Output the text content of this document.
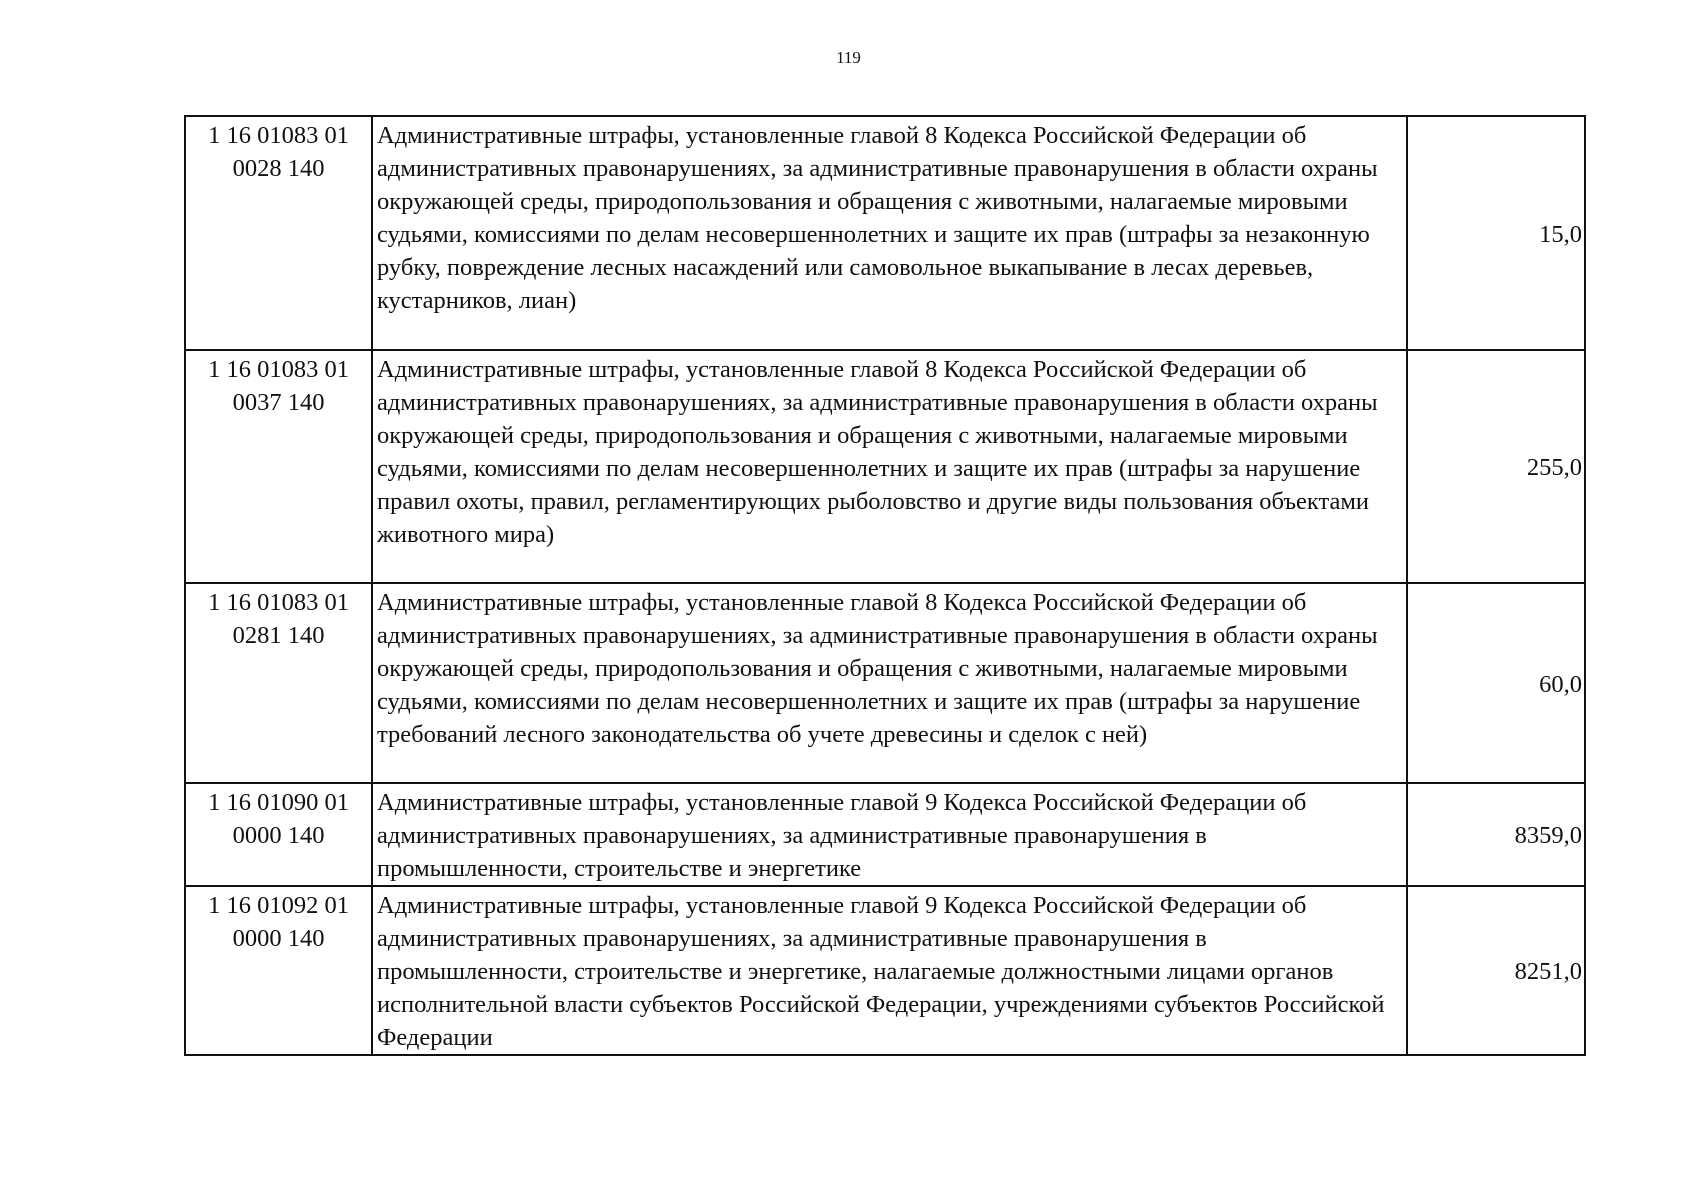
119
1 16 01083 01
0028 140	Административные штрафы, установленные главой 8 Кодекса Российской Федерации об административных правонарушениях, за административные правонарушения в области охраны окружающей среды, природопользования и обращения с животными, налагаемые мировыми судьями, комиссиями по делам несовершеннолетних и защите их прав (штрафы за незаконную рубку, повреждение лесных насаждений или самовольное выкапывание в лесах деревьев, кустарников, лиан)	15,0
1 16 01083 01
0037 140	Административные штрафы, установленные главой 8 Кодекса Российской Федерации об административных правонарушениях, за административные правонарушения в области охраны окружающей среды, природопользования и обращения с животными, налагаемые мировыми судьями, комиссиями по делам несовершеннолетних и защите их прав (штрафы за нарушение правил охоты, правил, регламентирующих рыболовство и другие виды пользования объектами животного мира)	255,0
1 16 01083 01
0281 140	Административные штрафы, установленные главой 8 Кодекса Российской Федерации об административных правонарушениях, за административные правонарушения в области охраны окружающей среды, природопользования и обращения с животными, налагаемые мировыми судьями, комиссиями по делам несовершеннолетних и защите их прав (штрафы за нарушение требований лесного законодательства об учете древесины и сделок с ней)	60,0
1 16 01090 01
0000 140	Административные штрафы, установленные главой 9 Кодекса Российской Федерации об административных правонарушениях, за административные правонарушения в промышленности, строительстве и энергетике	8359,0
1 16 01092 01
0000 140	Административные штрафы, установленные главой 9 Кодекса Российской Федерации об административных правонарушениях, за административные правонарушения в промышленности, строительстве и энергетике, налагаемые должностными лицами органов исполнительной власти субъектов Российской Федерации, учреждениями субъектов Российской Федерации	8251,0
